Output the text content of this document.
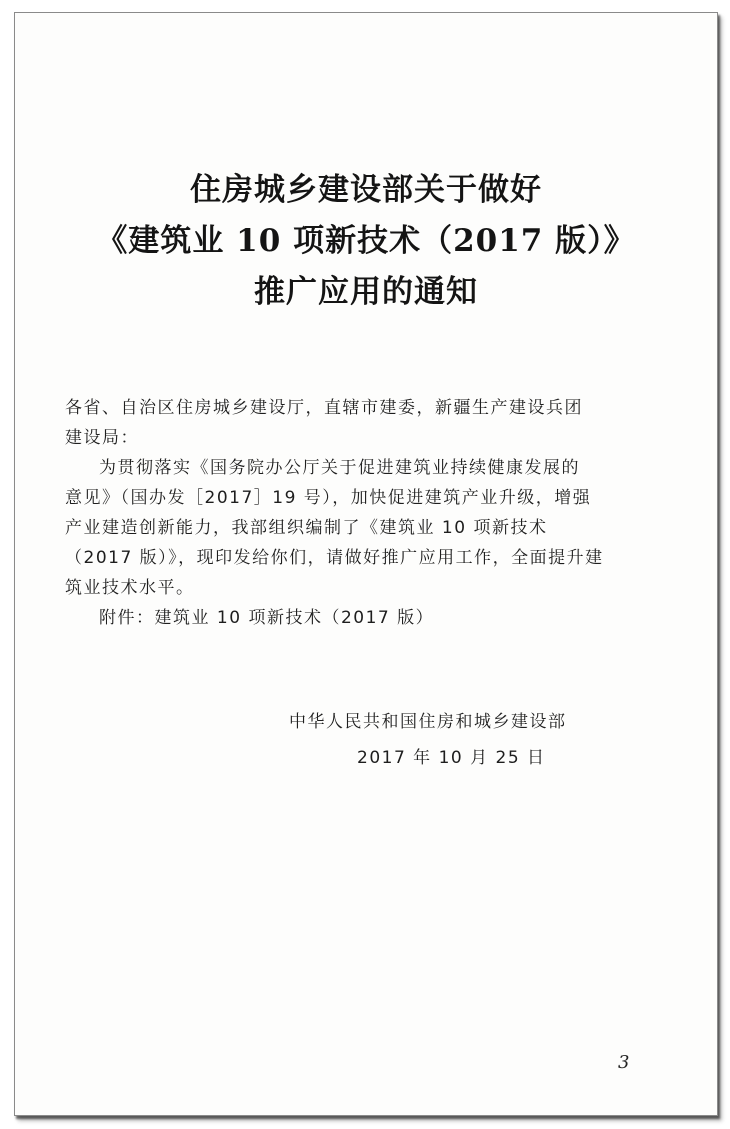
住房城乡建设部关于做好
《建筑业 10 项新技术（2017 版）》
推广应用的通知
各省、自治区住房城乡建设厅，直辖市建委，新疆生产建设兵团
建设局：
为贯彻落实《国务院办公厅关于促进建筑业持续健康发展的
意见》（国办发［2017］19 号），加快促进建筑产业升级，增强
产业建造创新能力，我部组织编制了《建筑业 10 项新技术
（2017 版）》，现印发给你们，请做好推广应用工作，全面提升建
筑业技术水平。
附件：建筑业 10 项新技术（2017 版）
中华人民共和国住房和城乡建设部
2017 年 10 月 25 日
3
